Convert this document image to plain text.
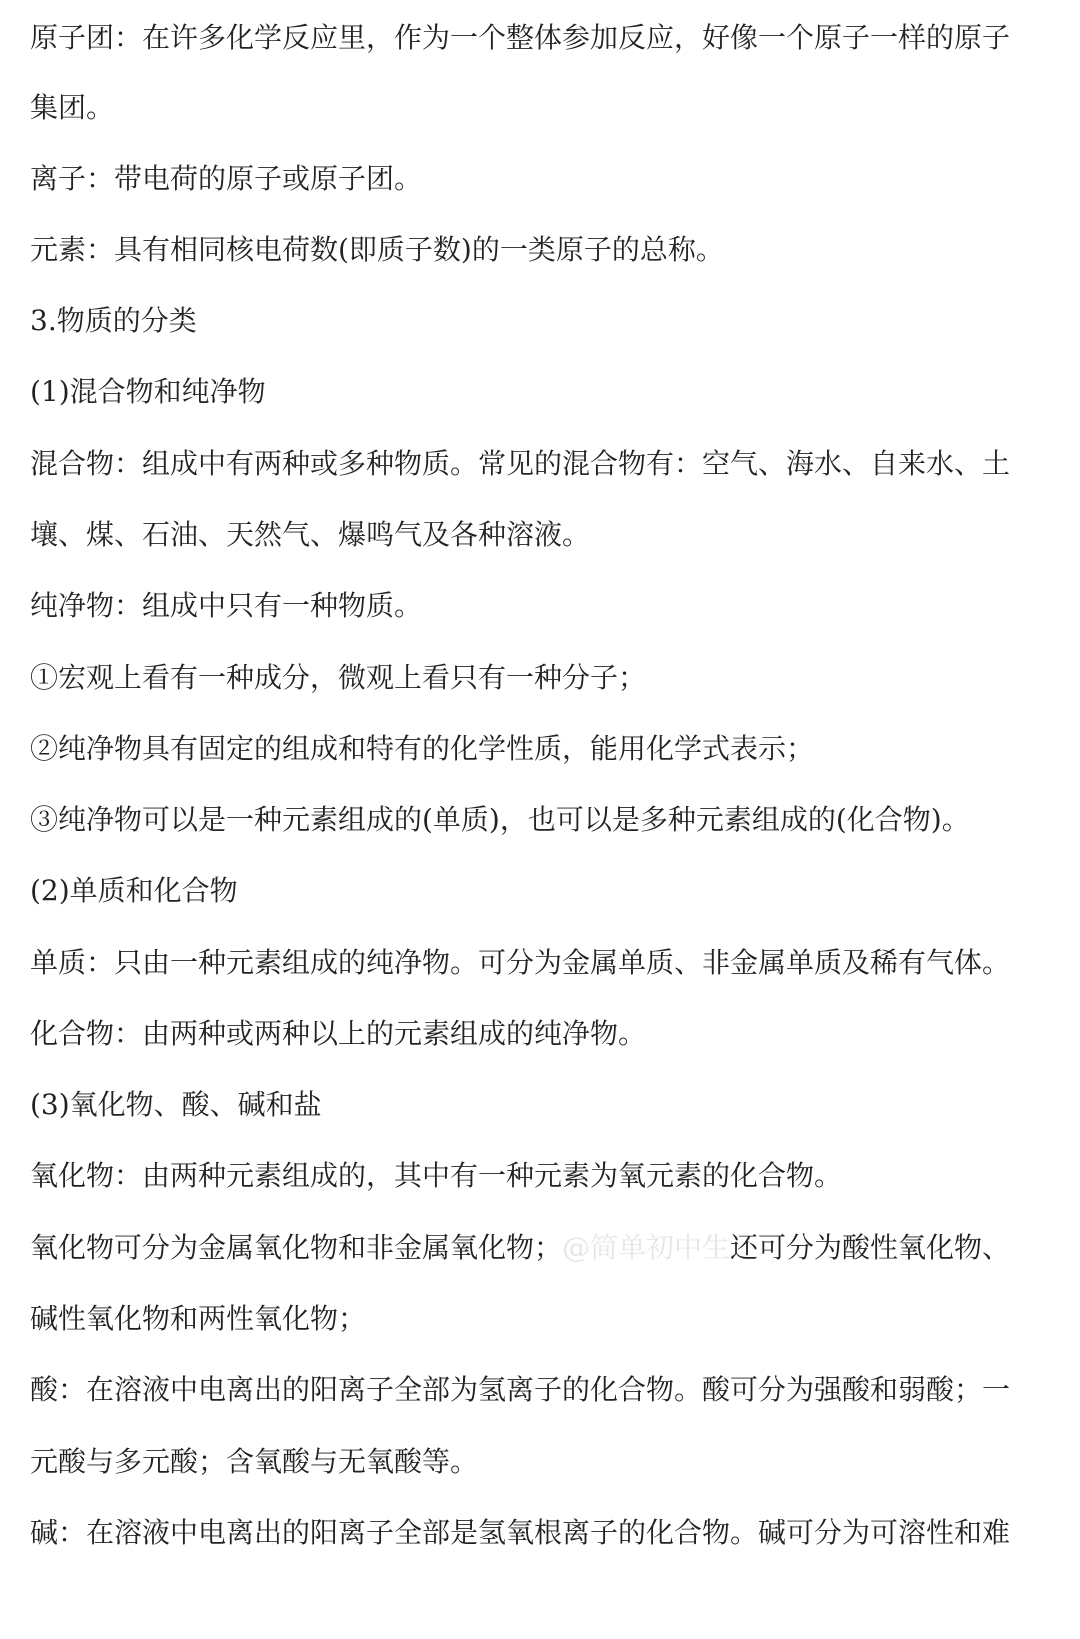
原子团：在许多化学反应里，作为一个整体参加反应，好像一个原子一样的原子
集团。
离子：带电荷的原子或原子团。
元素：具有相同核电荷数(即质子数)的一类原子的总称。
3.物质的分类
(1)混合物和纯净物
混合物：组成中有两种或多种物质。常见的混合物有：空气、海水、自来水、土
壤、煤、石油、天然气、爆鸣气及各种溶液。
纯净物：组成中只有一种物质。
①宏观上看有一种成分，微观上看只有一种分子；
②纯净物具有固定的组成和特有的化学性质，能用化学式表示；
③纯净物可以是一种元素组成的(单质)，也可以是多种元素组成的(化合物)。
(2)单质和化合物
单质：只由一种元素组成的纯净物。可分为金属单质、非金属单质及稀有气体。
化合物：由两种或两种以上的元素组成的纯净物。
(3)氧化物、酸、碱和盐
氧化物：由两种元素组成的，其中有一种元素为氧元素的化合物。
氧化物可分为金属氧化物和非金属氧化物；@简单初中生还可分为酸性氧化物、
碱性氧化物和两性氧化物；
酸：在溶液中电离出的阳离子全部为氢离子的化合物。酸可分为强酸和弱酸；一
元酸与多元酸；含氧酸与无氧酸等。
碱：在溶液中电离出的阳离子全部是氢氧根离子的化合物。碱可分为可溶性和难
